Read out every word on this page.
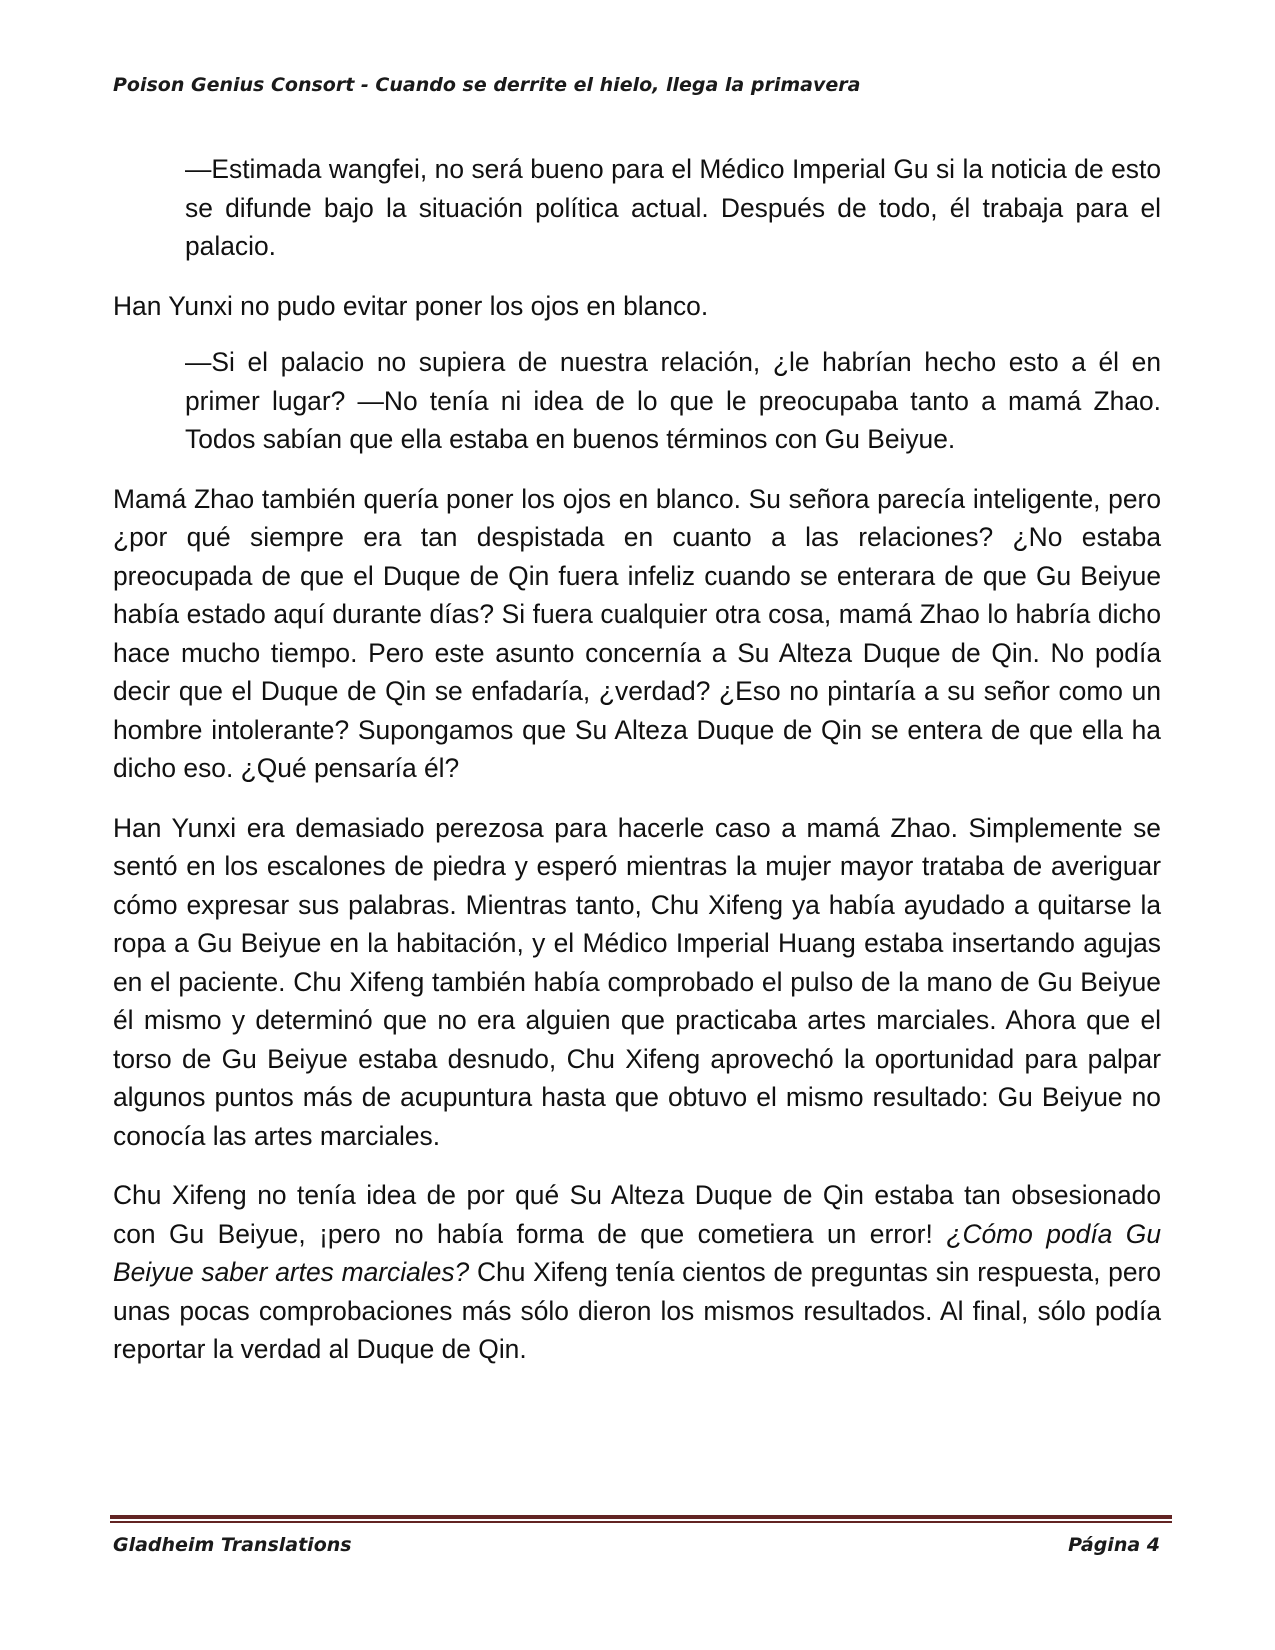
Poison Genius Consort - Cuando se derrite el hielo, llega la primavera

—Estimada wangfei, no será bueno para el Médico Imperial Gu si la noticia de esto se difunde bajo la situación política actual. Después de todo, él trabaja para el palacio.

Han Yunxi no pudo evitar poner los ojos en blanco.

—Si el palacio no supiera de nuestra relación, ¿le habrían hecho esto a él en primer lugar? —No tenía ni idea de lo que le preocupaba tanto a mamá Zhao. Todos sabían que ella estaba en buenos términos con Gu Beiyue.

Mamá Zhao también quería poner los ojos en blanco. Su señora parecía inteligente, pero ¿por qué siempre era tan despistada en cuanto a las relaciones? ¿No estaba preocupada de que el Duque de Qin fuera infeliz cuando se enterara de que Gu Beiyue había estado aquí durante días? Si fuera cualquier otra cosa, mamá Zhao lo habría dicho hace mucho tiempo. Pero este asunto concernía a Su Alteza Duque de Qin. No podía decir que el Duque de Qin se enfadaría, ¿verdad? ¿Eso no pintaría a su señor como un hombre intolerante? Supongamos que Su Alteza Duque de Qin se entera de que ella ha dicho eso. ¿Qué pensaría él?

Han Yunxi era demasiado perezosa para hacerle caso a mamá Zhao. Simplemente se sentó en los escalones de piedra y esperó mientras la mujer mayor trataba de averiguar cómo expresar sus palabras. Mientras tanto, Chu Xifeng ya había ayudado a quitarse la ropa a Gu Beiyue en la habitación, y el Médico Imperial Huang estaba insertando agujas en el paciente. Chu Xifeng también había comprobado el pulso de la mano de Gu Beiyue él mismo y determinó que no era alguien que practicaba artes marciales. Ahora que el torso de Gu Beiyue estaba desnudo, Chu Xifeng aprovechó la oportunidad para palpar algunos puntos más de acupuntura hasta que obtuvo el mismo resultado: Gu Beiyue no conocía las artes marciales.

Chu Xifeng no tenía idea de por qué Su Alteza Duque de Qin estaba tan obsesionado con Gu Beiyue, ¡pero no había forma de que cometiera un error! ¿Cómo podía Gu Beiyue saber artes marciales? Chu Xifeng tenía cientos de preguntas sin respuesta, pero unas pocas comprobaciones más sólo dieron los mismos resultados. Al final, sólo podía reportar la verdad al Duque de Qin.

Gladheim Translations	Página 4
